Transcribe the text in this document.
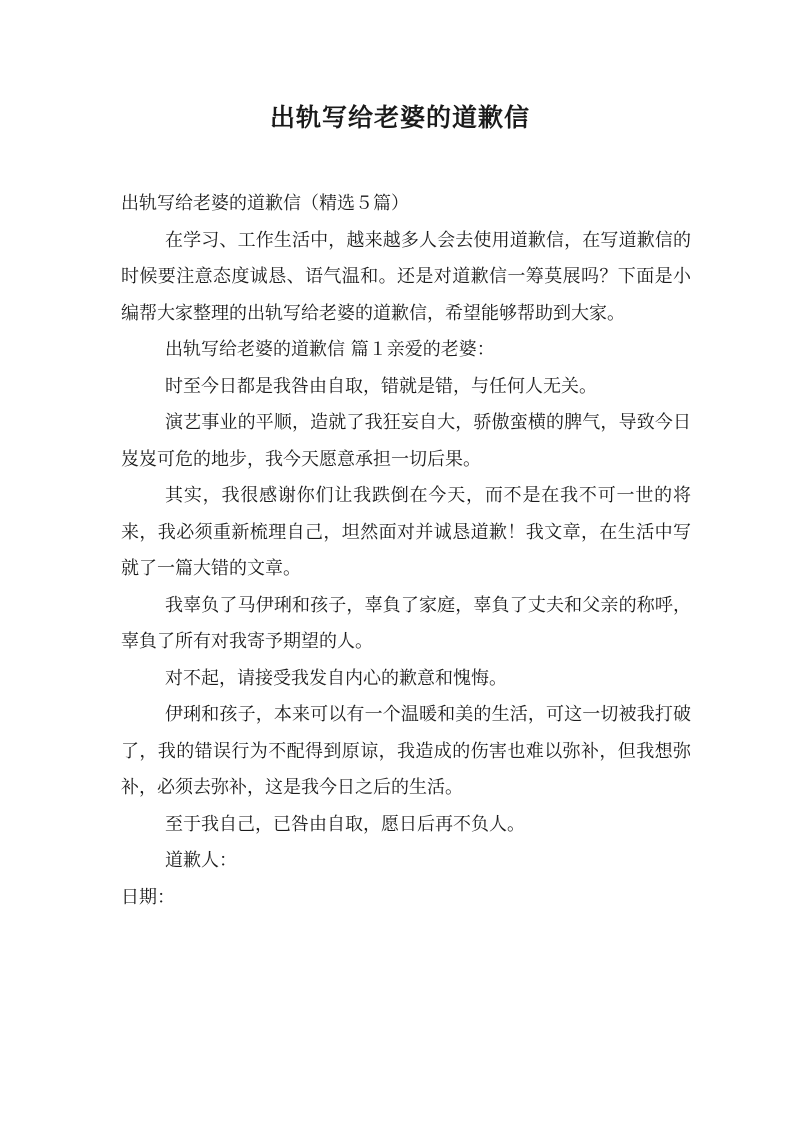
出轨写给老婆的道歉信

出轨写给老婆的道歉信（精选５篇）

在学习、工作生活中，越来越多人会去使用道歉信，在写道歉信的时候要注意态度诚恳、语气温和。还是对道歉信一筹莫展吗？下面是小编帮大家整理的出轨写给老婆的道歉信，希望能够帮助到大家。

出轨写给老婆的道歉信 篇１亲爱的老婆：

时至今日都是我咎由自取，错就是错，与任何人无关。

演艺事业的平顺，造就了我狂妄自大，骄傲蛮横的脾气，导致今日岌岌可危的地步，我今天愿意承担一切后果。

其实，我很感谢你们让我跌倒在今天，而不是在我不可一世的将来，我必须重新梳理自己，坦然面对并诚恳道歉！我文章，在生活中写就了一篇大错的文章。

我辜负了马伊琍和孩子，辜負了家庭，辜負了丈夫和父亲的称呼，辜負了所有对我寄予期望的人。

对不起，请接受我发自内心的歉意和愧悔。

伊琍和孩子，本来可以有一个温暖和美的生活，可这一切被我打破了，我的错误行为不配得到原谅，我造成的伤害也难以弥补，但我想弥补，必须去弥补，这是我今日之后的生活。

至于我自己，已咎由自取，愿日后再不负人。

道歉人：

日期：
